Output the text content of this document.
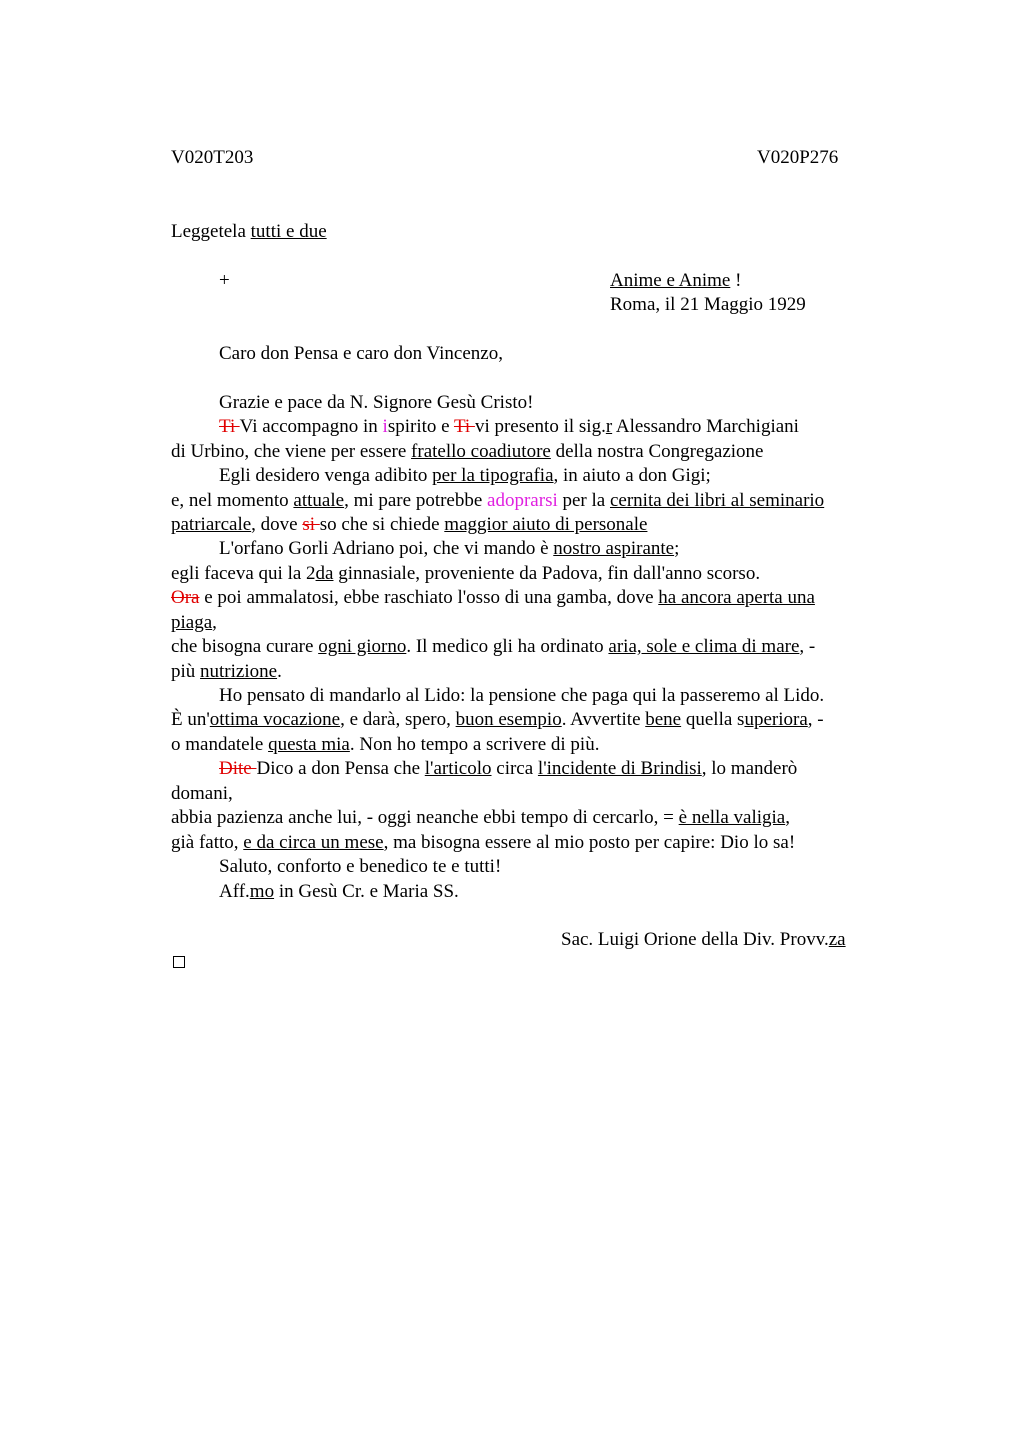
V020T203	V020P276
Leggetela tutti e due
+	Anime e Anime !
Roma, il 21 Maggio 1929
Caro don Pensa e caro don Vincenzo,
Grazie e pace da N. Signore Gesù Cristo!
Ti Vi accompagno in ispirito e Ti vi presento il sig.r Alessandro Marchigiani
di Urbino, che viene per essere fratello coadiutore della nostra Congregazione
Egli desidero venga adibito per la tipografia, in aiuto a don Gigi;
e, nel momento attuale, mi pare potrebbe adoprarsi per la cernita dei libri al seminario
patriarcale, dove si so che si chiede maggior aiuto di personale
L'orfano Gorli Adriano poi, che vi mando è nostro aspirante;
egli faceva qui la 2da ginnasiale, proveniente da Padova, fin dall'anno scorso.
Ora e poi ammalatosi, ebbe raschiato l'osso di una gamba, dove ha ancora aperta una
piaga,
che bisogna curare ogni giorno. Il medico gli ha ordinato aria, sole e clima di mare, -
più nutrizione.
Ho pensato di mandarlo al Lido: la pensione che paga qui la passeremo al Lido.
È un'ottima vocazione, e darà, spero, buon esempio. Avvertite bene quella superiora, -
o mandatele questa mia. Non ho tempo a scrivere di più.
Dite Dico a don Pensa che l'articolo circa l'incidente di Brindisi, lo manderò
domani,
abbia pazienza anche lui, - oggi neanche ebbi tempo di cercarlo, = è nella valigia,
già fatto, e da circa un mese, ma bisogna essere al mio posto per capire: Dio lo sa!
Saluto, conforto e benedico te e tutti!
Aff.mo in Gesù Cr. e Maria SS.
Sac. Luigi Orione della Div. Provv.za
